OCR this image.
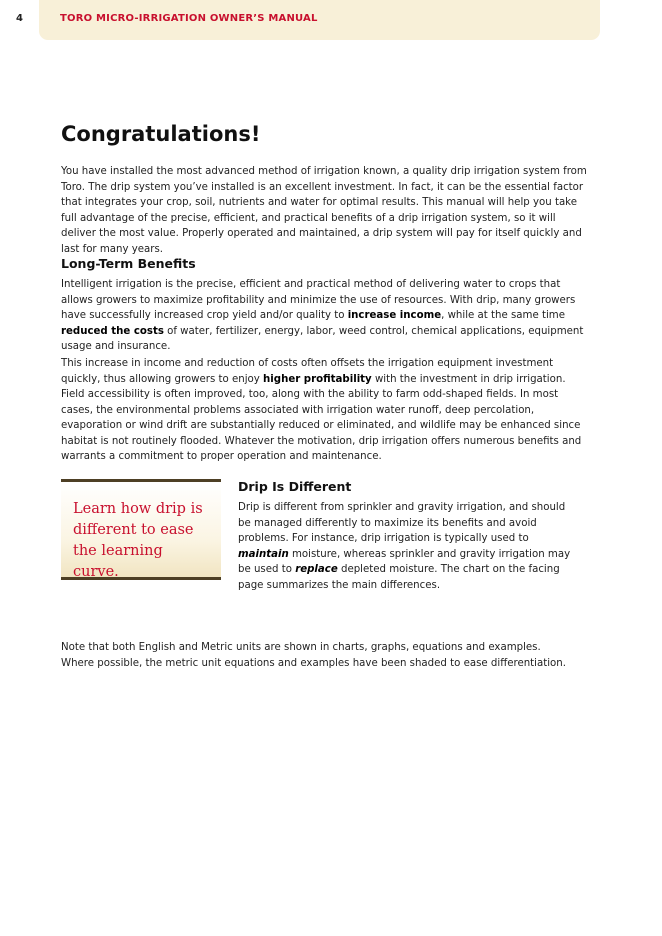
4	TORO MICRO-IRRIGATION OWNER’S MANUAL
Congratulations!

You have installed the most advanced method of irrigation known, a quality drip irrigation system from Toro. The drip system you’ve installed is an excellent investment. In fact, it can be the essential factor that integrates your crop, soil, nutrients and water for optimal results. This manual will help you take full advantage of the precise, efficient, and practical benefits of a drip irrigation system, so it will deliver the most value. Properly operated and maintained, a drip system will pay for itself quickly and last for many years.

Long-Term Benefits

Intelligent irrigation is the precise, efficient and practical method of delivering water to crops that allows growers to maximize profitability and minimize the use of resources. With drip, many growers have successfully increased crop yield and/or quality to increase income, while at the same time reduced the costs of water, fertilizer, energy, labor, weed control, chemical applications, equipment usage and insurance.

This increase in income and reduction of costs often offsets the irrigation equipment investment quickly, thus allowing growers to enjoy higher profitability with the investment in drip irrigation. Field accessibility is often improved, too, along with the ability to farm odd-shaped fields. In most cases, the environmental problems associated with irrigation water runoff, deep percolation, evaporation or wind drift are substantially reduced or eliminated, and wildlife may be enhanced since habitat is not routinely flooded. Whatever the motivation, drip irrigation offers numerous benefits and warrants a commitment to proper operation and maintenance.

Learn how drip is different to ease the learning curve.

Drip Is Different

Drip is different from sprinkler and gravity irrigation, and should be managed differently to maximize its benefits and avoid problems. For instance, drip irrigation is typically used to maintain moisture, whereas sprinkler and gravity irrigation may be used to replace depleted moisture. The chart on the facing page summarizes the main differences.

Note that both English and Metric units are shown in charts, graphs, equations and examples.
Where possible, the metric unit equations and examples have been shaded to ease differentiation.
